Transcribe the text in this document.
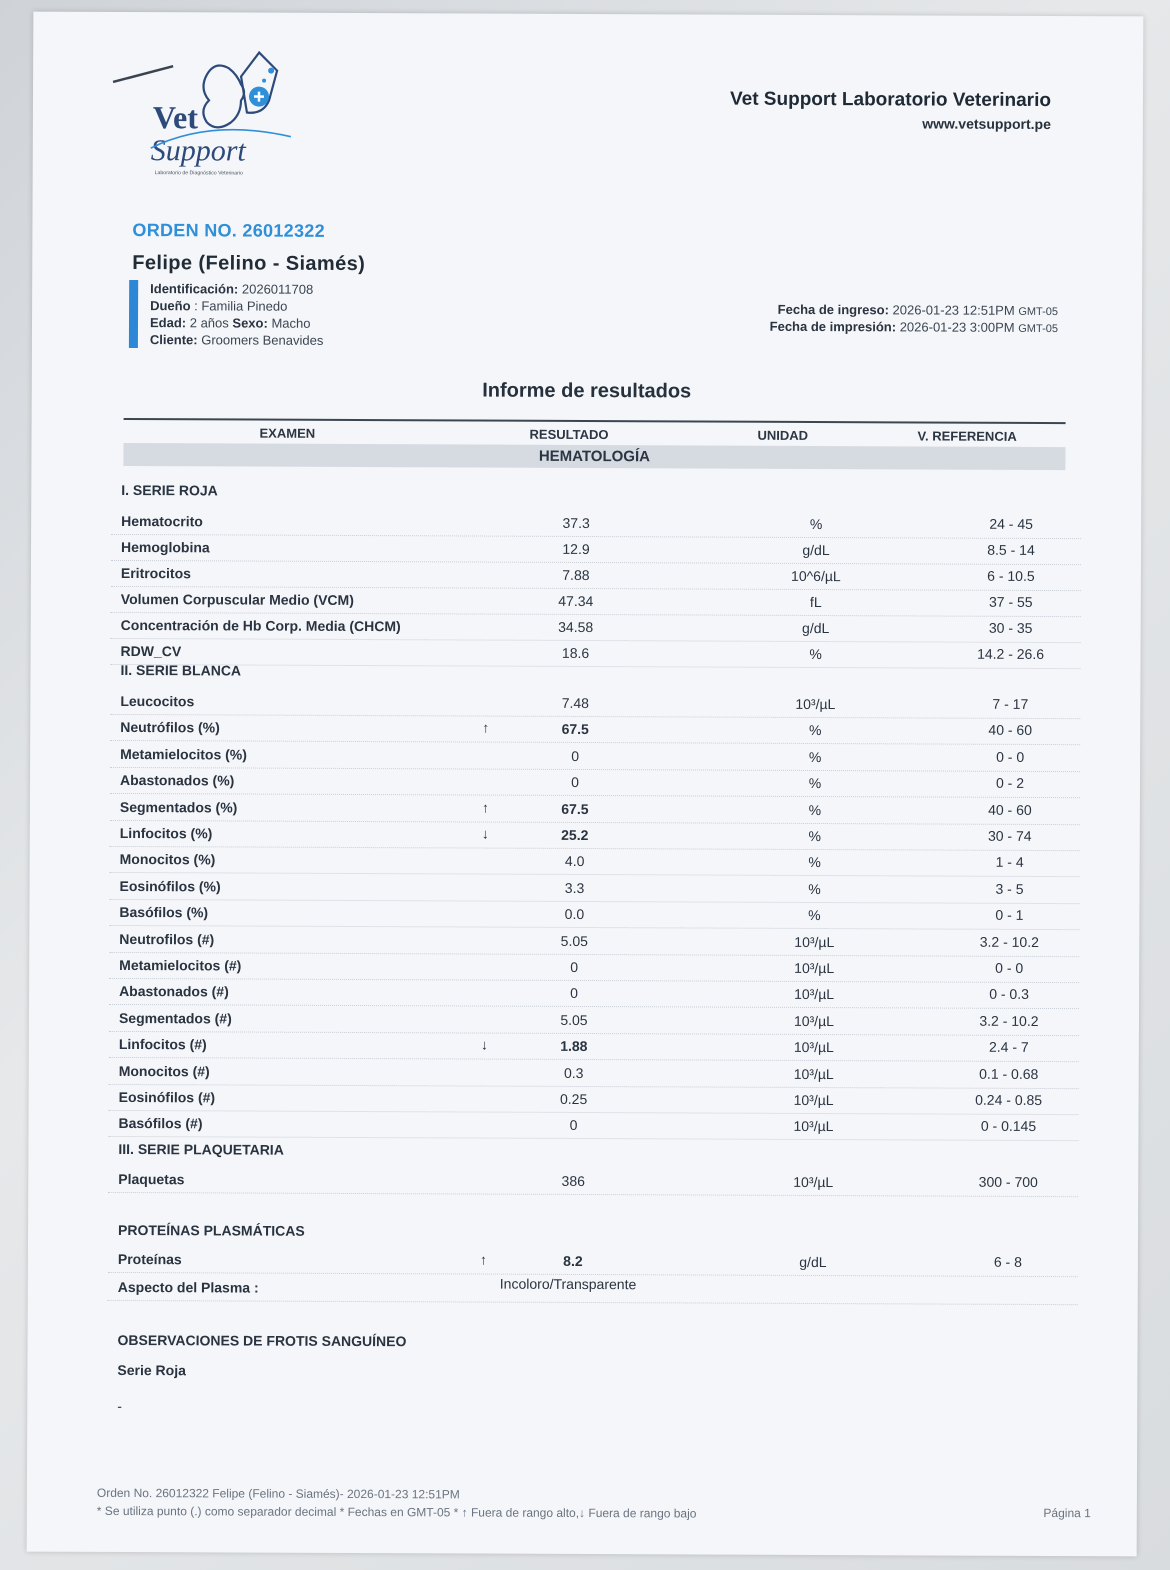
Vet
Support
Laboratorio de Diagnóstico Veterinario
Vet Support Laboratorio Veterinario
www.vetsupport.pe
ORDEN NO. 26012322
Felipe (Felino - Siamés)
Identificación: 2026011708
Dueño : Familia Pinedo
Edad: 2 años Sexo: Macho
Cliente: Groomers Benavides
Fecha de ingreso: 2026-01-23 12:51PM GMT-05
Fecha de impresión: 2026-01-23 3:00PM GMT-05
Informe de resultados
EXAMEN	RESULTADO	UNIDAD	V. REFERENCIA
HEMATOLOGÍA
I. SERIE ROJA
Hematocrito	37.3	%	24 - 45
Hemoglobina	12.9	g/dL	8.5 - 14
Eritrocitos	7.88	10^6/µL	6 - 10.5
Volumen Corpuscular Medio (VCM)	47.34	fL	37 - 55
Concentración de Hb Corp. Media (CHCM)	34.58	g/dL	30 - 35
RDW_CV	18.6	%	14.2 - 26.6
II. SERIE BLANCA
Leucocitos	7.48	10³/µL	7 - 17
Neutrófilos (%)	↑	67.5	%	40 - 60
Metamielocitos (%)	0	%	0 - 0
Abastonados (%)	0	%	0 - 2
Segmentados (%)	↑	67.5	%	40 - 60
Linfocitos (%)	↓	25.2	%	30 - 74
Monocitos (%)	4.0	%	1 - 4
Eosinófilos (%)	3.3	%	3 - 5
Basófilos (%)	0.0	%	0 - 1
Neutrofilos (#)	5.05	10³/µL	3.2 - 10.2
Metamielocitos (#)	0	10³/µL	0 - 0
Abastonados (#)	0	10³/µL	0 - 0.3
Segmentados (#)	5.05	10³/µL	3.2 - 10.2
Linfocitos (#)	↓	1.88	10³/µL	2.4 - 7
Monocitos (#)	0.3	10³/µL	0.1 - 0.68
Eosinófilos (#)	0.25	10³/µL	0.24 - 0.85
Basófilos (#)	0	10³/µL	0 - 0.145
III. SERIE PLAQUETARIA
Plaquetas	386	10³/µL	300 - 700
PROTEÍNAS PLASMÁTICAS
Proteínas	↑	8.2	g/dL	6 - 8
Aspecto del Plasma :	Incoloro/Transparente
OBSERVACIONES DE FROTIS SANGUÍNEO
Serie Roja
-
Orden No. 26012322 Felipe (Felino - Siamés)- 2026-01-23 12:51PM
* Se utiliza punto (.) como separador decimal * Fechas en GMT-05 * ↑ Fuera de rango alto,↓ Fuera de rango bajo	Página 1
